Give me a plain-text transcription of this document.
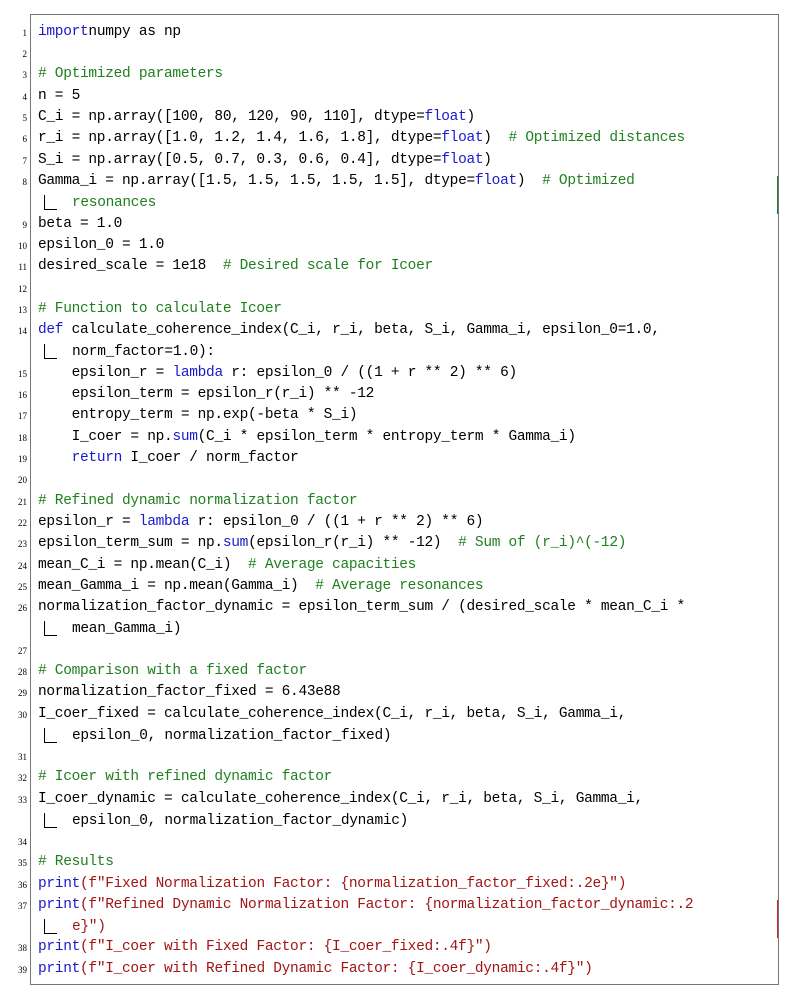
1 importnumpy as np
2
3 # Optimized parameters
4 n = 5
5 C_i = np.array([100, 80, 120, 90, 110], dtype=float)
6 r_i = np.array([1.0, 1.2, 1.4, 1.6, 1.8], dtype=float)  # Optimized distances
7 S_i = np.array([0.5, 0.7, 0.3, 0.6, 0.4], dtype=float)
8 Gamma_i = np.array([1.5, 1.5, 1.5, 1.5, 1.5], dtype=float)  # Optimized
resonances
9 beta = 1.0
10 epsilon_0 = 1.0
11 desired_scale = 1e18  # Desired scale for Icoer
12
13 # Function to calculate Icoer
14 def calculate_coherence_index(C_i, r_i, beta, S_i, Gamma_i, epsilon_0=1.0,
norm_factor=1.0):
15 epsilon_r = lambda r: epsilon_0 / ((1 + r ** 2) ** 6)
16 epsilon_term = epsilon_r(r_i) ** -12
17 entropy_term = np.exp(-beta * S_i)
18 I_coer = np.sum(C_i * epsilon_term * entropy_term * Gamma_i)
19	return I_coer / norm_factor
20
21 # Refined dynamic normalization factor
22 epsilon_r = lambda r: epsilon_0 / ((1 + r ** 2) ** 6)
23 epsilon_term_sum = np.sum(epsilon_r(r_i) ** -12)  # Sum of (r_i)^(-12)
24 mean_C_i = np.mean(C_i)  # Average capacities
25 mean_Gamma_i = np.mean(Gamma_i)  # Average resonances
26 normalization_factor_dynamic = epsilon_term_sum / (desired_scale * mean_C_i *
mean_Gamma_i)
27
28 # Comparison with a fixed factor
29 normalization_factor_fixed = 6.43e88
30 I_coer_fixed = calculate_coherence_index(C_i, r_i, beta, S_i, Gamma_i,
epsilon_0, normalization_factor_fixed)
31
32 # Icoer with refined dynamic factor
33 I_coer_dynamic = calculate_coherence_index(C_i, r_i, beta, S_i, Gamma_i,
epsilon_0, normalization_factor_dynamic)
34
35 # Results
36 print(f"Fixed Normalization Factor: {normalization_factor_fixed:.2e}")
37 print(f"Refined Dynamic Normalization Factor: {normalization_factor_dynamic:.2
e}")
38 print(f"I_coer with Fixed Factor: {I_coer_fixed:.4f}")
39 print(f"I_coer with Refined Dynamic Factor: {I_coer_dynamic:.4f}")
